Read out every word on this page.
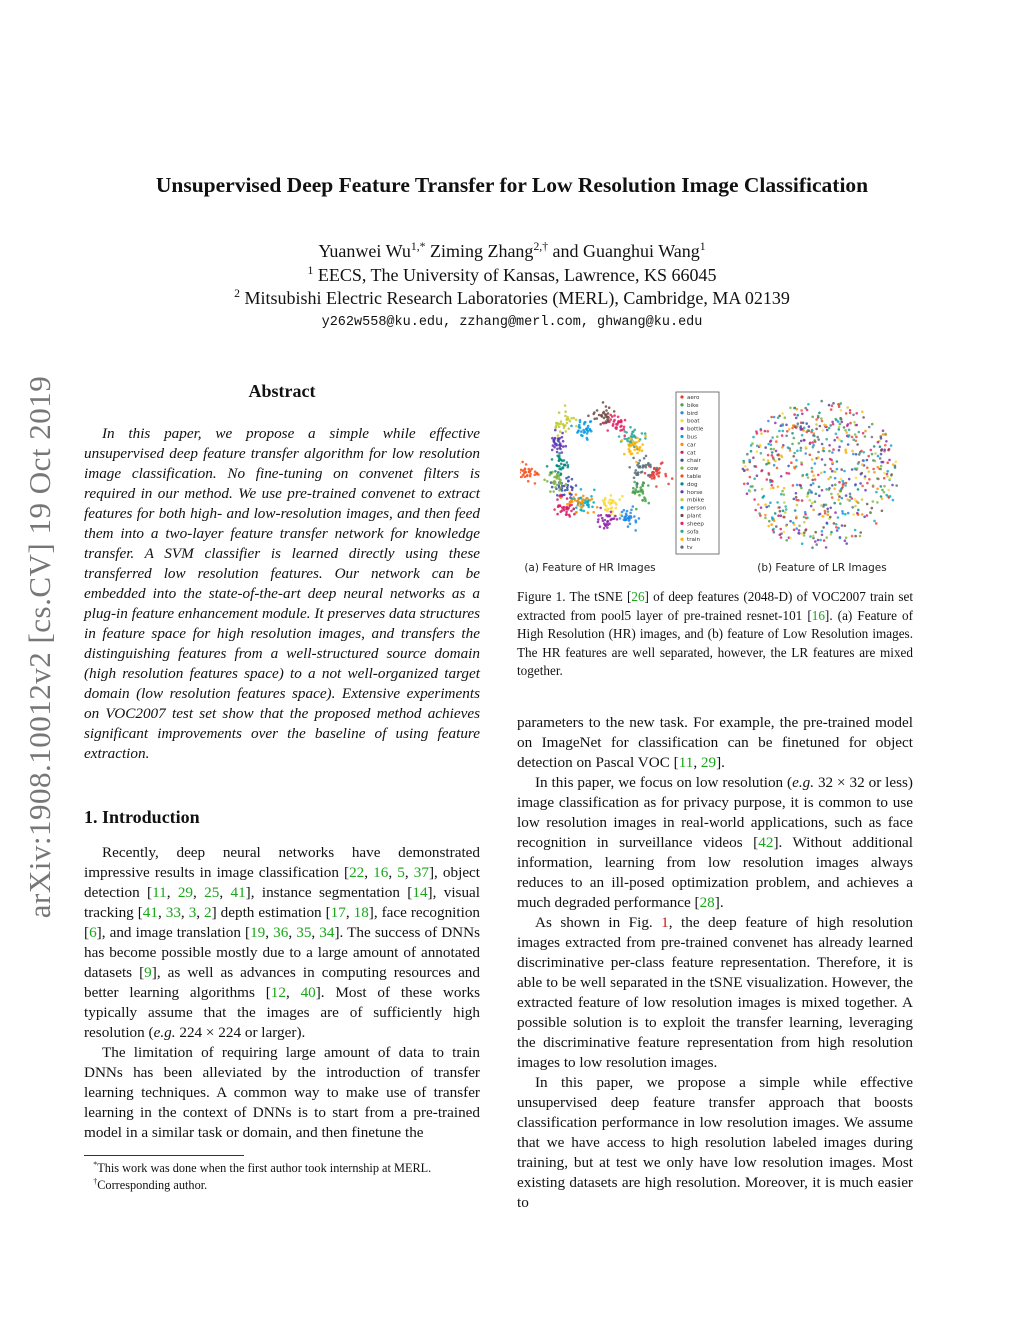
arXiv:1908.10012v2 [cs.CV] 19 Oct 2019
Unsupervised Deep Feature Transfer for Low Resolution Image Classification
Yuanwei $Wu^{1,*}$ Ziming Zhang$^{2,\dagger}$ and Guanghui Wang$^1$
$^1$ EECS, The University of Kansas, Lawrence, KS 66045
$^2$ Mitsubishi Electric Research Laboratories (MERL), Cambridge, MA 02139
y262w558@ku.edu, zzhang@merl.com, ghwang@ku.edu
Abstract

In this paper, we propose a simple while effective unsupervised deep feature transfer algorithm for low resolution image classification. No fine-tuning on convenet filters is required in our method. We use pre-trained convenet to extract features for both high- and low-resolution images, and then feed them into a two-layer feature transfer network for knowledge transfer. A SVM classifier is learned directly using these transferred low resolution features. Our network can be embedded into the state-of-the-art deep neural networks as a plug-in feature enhancement module. It preserves data structures in feature space for high resolution images, and transfers the distinguishing features from a well-structured source domain (high resolution features space) to a not well-organized target domain (low resolution features space). Extensive experiments on VOC2007 test set show that the proposed method achieves significant improvements over the baseline of using feature extraction.

1. Introduction

Recently, deep neural networks have demonstrated impressive results in image classification [22, 16, 5, 37], object detection [11, 29, 25, 41], instance segmentation [14], visual tracking [41, 33, 3, 2] depth estimation [17, 18], face recognition [6], and image translation [19, 36, 35, 34]. The success of DNNs has become possible mostly due to a large amount of annotated datasets [9], as well as advances in computing resources and better learning algorithms [12, 40]. Most of these works typically assume that the images are of sufficiently high resolution (e.g. 224 × 224 or larger).

The limitation of requiring large amount of data to train DNNs has been alleviated by the introduction of transfer learning techniques. A common way to make use of transfer learning in the context of DNNs is to start from a pre-trained model in a similar task or domain, and then finetune the

*This work was done when the first author took internship at MERL.
†Corresponding author.
aero
bike
bird
boat
bottle
bus
car
cat
chair
cow
table
dog
horse
mbike
person
plant
sheep
sofa
train
tv
(a) Feature of HR Images	(b) Feature of LR Images
Figure 1. The tSNE [26] of deep features (2048-D) of VOC2007 train set extracted from pool5 layer of pre-trained resnet-101 [16]. (a) Feature of High Resolution (HR) images, and (b) feature of Low Resolution images. The HR features are well separated, however, the LR features are mixed together.

parameters to the new task. For example, the pre-trained model on ImageNet for classification can be finetuned for object detection on Pascal VOC [11, 29].

In this paper, we focus on low resolution (e.g. 32 × 32 or less) image classification as for privacy purpose, it is common to use low resolution images in real-world applications, such as face recognition in surveillance videos [42]. Without additional information, learning from low resolution images always reduces to an ill-posed optimization problem, and achieves a much degraded performance [28].

As shown in Fig. 1, the deep feature of high resolution images extracted from pre-trained convenet has already learned discriminative per-class feature representation. Therefore, it is able to be well separated in the tSNE visualization. However, the extracted feature of low resolution images is mixed together. A possible solution is to exploit the transfer learning, leveraging the discriminative feature representation from high resolution images to low resolution images.

In this paper, we propose a simple while effective unsupervised deep feature transfer approach that boosts classification performance in low resolution images. We assume that we have access to high resolution labeled images during training, but at test we only have low resolution images. Most existing datasets are high resolution. Moreover, it is much easier to
